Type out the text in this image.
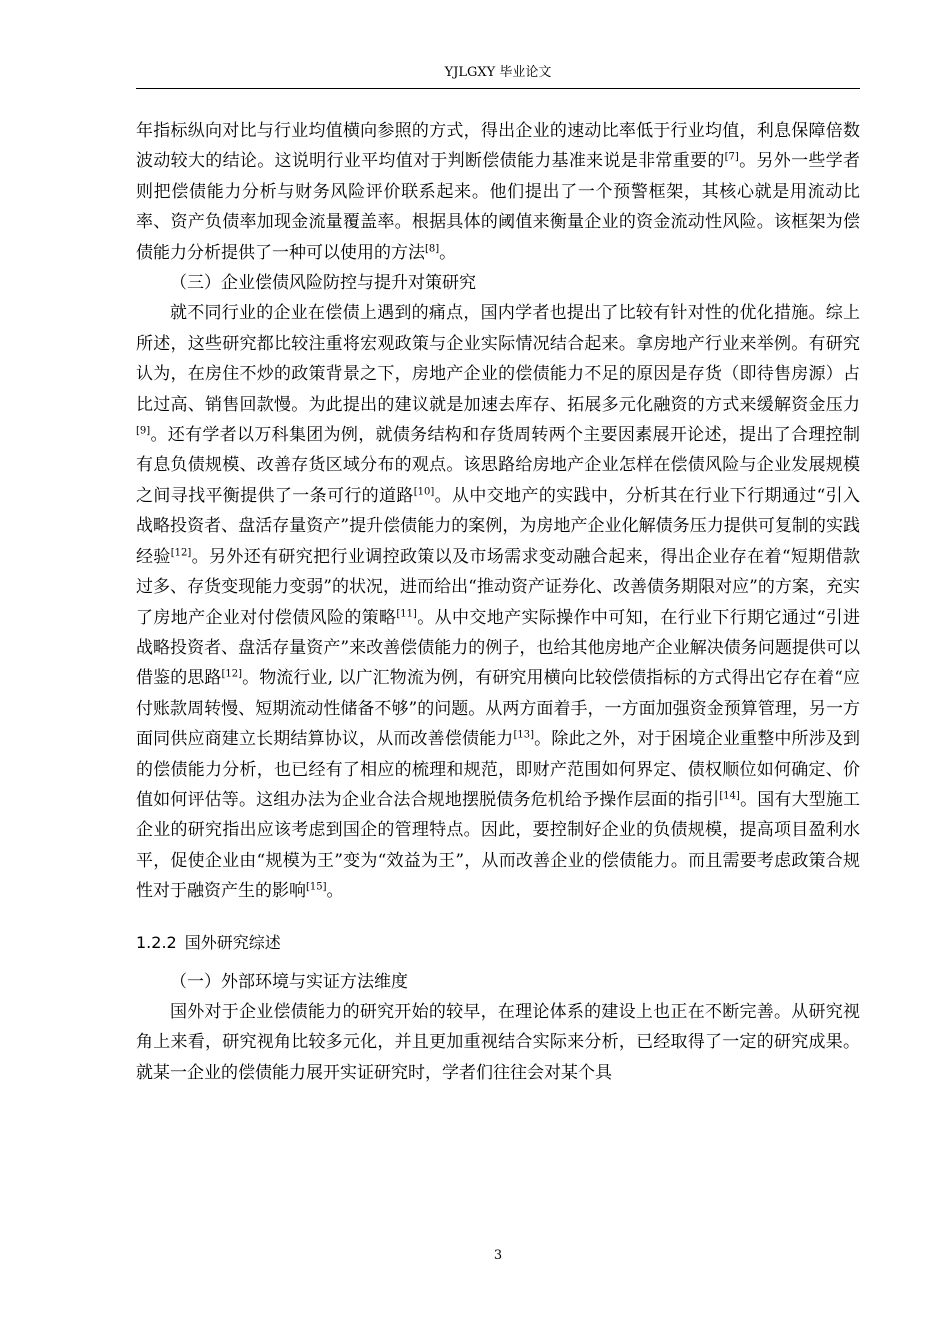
YJLGXY 毕业论文

年指标纵向对比与行业均值横向参照的方式，得出企业的速动比率低于行业均值，利息保障倍数波动较大的结论。这说明行业平均值对于判断偿债能力基准来说是非常重要的[7]。另外一些学者则把偿债能力分析与财务风险评价联系起来。他们提出了一个预警框架，其核心就是用流动比率、资产负债率加现金流量覆盖率。根据具体的阈值来衡量企业的资金流动性风险。该框架为偿债能力分析提供了一种可以使用的方法[8]。

（三）企业偿债风险防控与提升对策研究

就不同行业的企业在偿债上遇到的痛点，国内学者也提出了比较有针对性的优化措施。综上所述，这些研究都比较注重将宏观政策与企业实际情况结合起来。拿房地产行业来举例。有研究认为，在房住不炒的政策背景之下，房地产企业的偿债能力不足的原因是存货（即待售房源）占比过高、销售回款慢。为此提出的建议就是加速去库存、拓展多元化融资的方式来缓解资金压力[9]。还有学者以万科集团为例，就债务结构和存货周转两个主要因素展开论述，提出了合理控制有息负债规模、改善存货区域分布的观点。该思路给房地产企业怎样在偿债风险与企业发展规模之间寻找平衡提供了一条可行的道路[10]。从中交地产的实践中，分析其在行业下行期通过“引入战略投资者、盘活存量资产”提升偿债能力的案例，为房地产企业化解债务压力提供可复制的实践经验[12]。另外还有研究把行业调控政策以及市场需求变动融合起来，得出企业存在着“短期借款过多、存货变现能力变弱”的状况，进而给出“推动资产证券化、改善债务期限对应”的方案，充实了房地产企业对付偿债风险的策略[11]。从中交地产实际操作中可知，在行业下行期它通过“引进战略投资者、盘活存量资产”来改善偿债能力的例子，也给其他房地产企业解决债务问题提供可以借鉴的思路[12]。物流行业, 以广汇物流为例，有研究用横向比较偿债指标的方式得出它存在着“应付账款周转慢、短期流动性储备不够”的问题。从两方面着手，一方面加强资金预算管理，另一方面同供应商建立长期结算协议，从而改善偿债能力[13]。除此之外，对于困境企业重整中所涉及到的偿债能力分析，也已经有了相应的梳理和规范，即财产范围如何界定、债权顺位如何确定、价值如何评估等。这组办法为企业合法合规地摆脱债务危机给予操作层面的指引[14]。国有大型施工企业的研究指出应该考虑到国企的管理特点。因此，要控制好企业的负债规模，提高项目盈利水平，促使企业由“规模为王”变为“效益为王”，从而改善企业的偿债能力。而且需要考虑政策合规性对于融资产生的影响[15]。

1.2.2 国外研究综述

（一）外部环境与实证方法维度

国外对于企业偿债能力的研究开始的较早，在理论体系的建设上也正在不断完善。从研究视角上来看，研究视角比较多元化，并且更加重视结合实际来分析，已经取得了一定的研究成果。就某一企业的偿债能力展开实证研究时，学者们往往会对某个具

3
